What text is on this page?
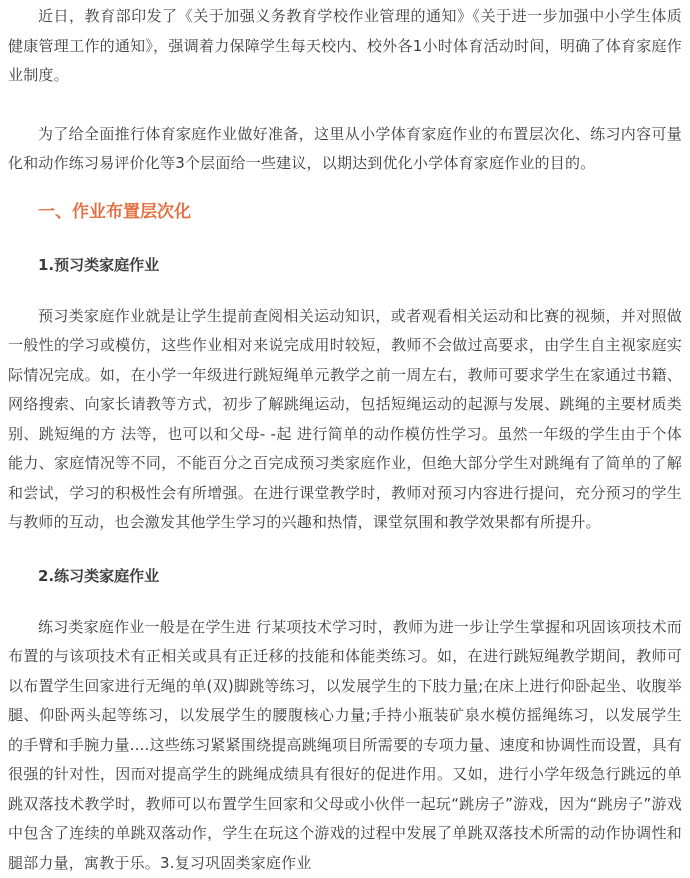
近日，教育部印发了《关于加强义务教育学校作业管理的通知》《关于进一步加强中小学生体质健康管理工作的通知》，强调着力保障学生每天校内、校外各1小时体育活动时间，明确了体育家庭作业制度。

为了给全面推行体育家庭作业做好准备，这里从小学体育家庭作业的布置层次化、练习内容可量化和动作练习易评价化等3个层面给一些建议，以期达到优化小学体育家庭作业的目的。

一、作业布置层次化
1.预习类家庭作业

预习类家庭作业就是让学生提前查阅相关运动知识，或者观看相关运动和比赛的视频，并对照做一般性的学习或模仿，这些作业相对来说完成用时较短，教师不会做过高要求，由学生自主视家庭实际情况完成。如，在小学一年级进行跳短绳单元教学之前一周左右，教师可要求学生在家通过书籍、网络搜索、向家长请教等方式，初步了解跳绳运动，包括短绳运动的起源与发展、跳绳的主要材质类别、跳短绳的方 法等，也可以和父母- -起 进行简单的动作模仿性学习。虽然一年级的学生由于个体能力、家庭情况等不同，不能百分之百完成预习类家庭作业，但绝大部分学生对跳绳有了简单的了解和尝试，学习的积极性会有所增强。在进行课堂教学时，教师对预习内容进行提问，充分预习的学生与教师的互动，也会激发其他学生学习的兴趣和热情，课堂氛围和教学效果都有所提升。

2.练习类家庭作业

练习类家庭作业一般是在学生进 行某项技术学习时，教师为进一步让学生掌握和巩固该项技术而布置的与该项技术有正相关或具有正迁移的技能和体能类练习。如，在进行跳短绳教学期间，教师可以布置学生回家进行无绳的单(双)脚跳等练习，以发展学生的下肢力量;在床上进行仰卧起坐、收腹举腿、仰卧两头起等练习，以发展学生的腰腹核心力量;手持小瓶装矿泉水模仿摇绳练习，以发展学生的手臂和手腕力量....这些练习紧紧围绕提高跳绳项目所需要的专项力量、速度和协调性而设置，具有很强的针对性，因而对提高学生的跳绳成绩具有很好的促进作用。又如，进行小学年级急行跳远的单跳双落技术教学时，教师可以布置学生回家和父母或小伙伴一起玩“跳房子”游戏，因为“跳房子”游戏中包含了连续的单跳双落动作，学生在玩这个游戏的过程中发展了单跳双落技术所需的动作协调性和腿部力量，寓教于乐。3.复习巩固类家庭作业
